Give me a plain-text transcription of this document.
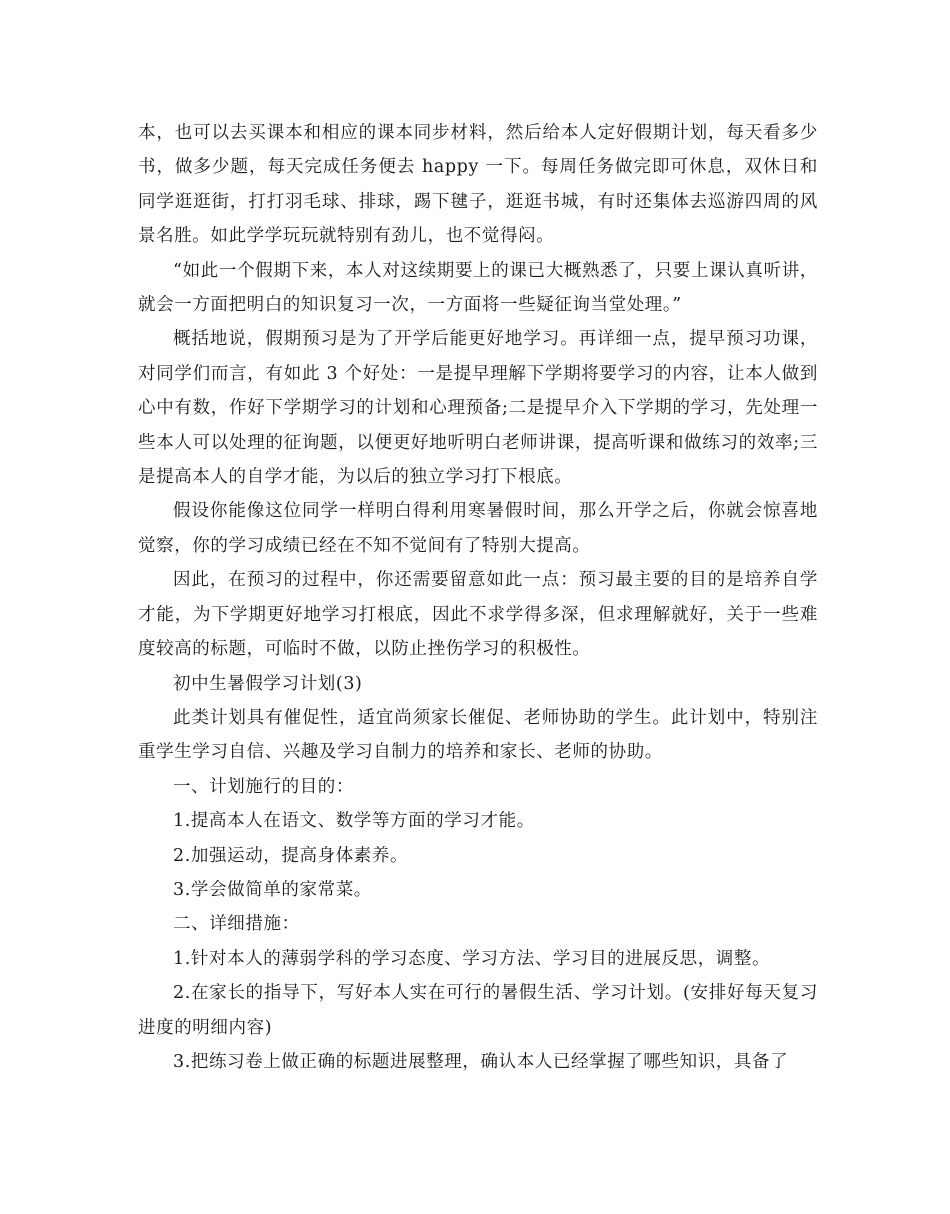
本，也可以去买课本和相应的课本同步材料，然后给本人定好假期计划，每天看多少书，做多少题，每天完成任务便去 happy 一下。每周任务做完即可休息，双休日和同学逛逛街，打打羽毛球、排球，踢下毽子，逛逛书城，有时还集体去巡游四周的风景名胜。如此学学玩玩就特别有劲儿，也不觉得闷。

“如此一个假期下来，本人对这续期要上的课已大概熟悉了，只要上课认真听讲，就会一方面把明白的知识复习一次，一方面将一些疑征询当堂处理。”

概括地说，假期预习是为了开学后能更好地学习。再详细一点，提早预习功课，对同学们而言，有如此 3 个好处：一是提早理解下学期将要学习的内容，让本人做到心中有数，作好下学期学习的计划和心理预备;二是提早介入下学期的学习，先处理一些本人可以处理的征询题，以便更好地听明白老师讲课，提高听课和做练习的效率;三是提高本人的自学才能，为以后的独立学习打下根底。

假设你能像这位同学一样明白得利用寒暑假时间，那么开学之后，你就会惊喜地觉察，你的学习成绩已经在不知不觉间有了特别大提高。

因此，在预习的过程中，你还需要留意如此一点：预习最主要的目的是培养自学才能，为下学期更好地学习打根底，因此不求学得多深，但求理解就好，关于一些难度较高的标题，可临时不做，以防止挫伤学习的积极性。

初中生暑假学习计划(3)

此类计划具有催促性，适宜尚须家长催促、老师协助的学生。此计划中，特别注重学生学习自信、兴趣及学习自制力的培养和家长、老师的协助。

一、计划施行的目的：

1.提高本人在语文、数学等方面的学习才能。

2.加强运动，提高身体素养。

3.学会做简单的家常菜。

二、详细措施：

1.针对本人的薄弱学科的学习态度、学习方法、学习目的进展反思，调整。

2.在家长的指导下，写好本人实在可行的暑假生活、学习计划。(安排好每天复习进度的明细内容)

3.把练习卷上做正确的标题进展整理，确认本人已经掌握了哪些知识，具备了
